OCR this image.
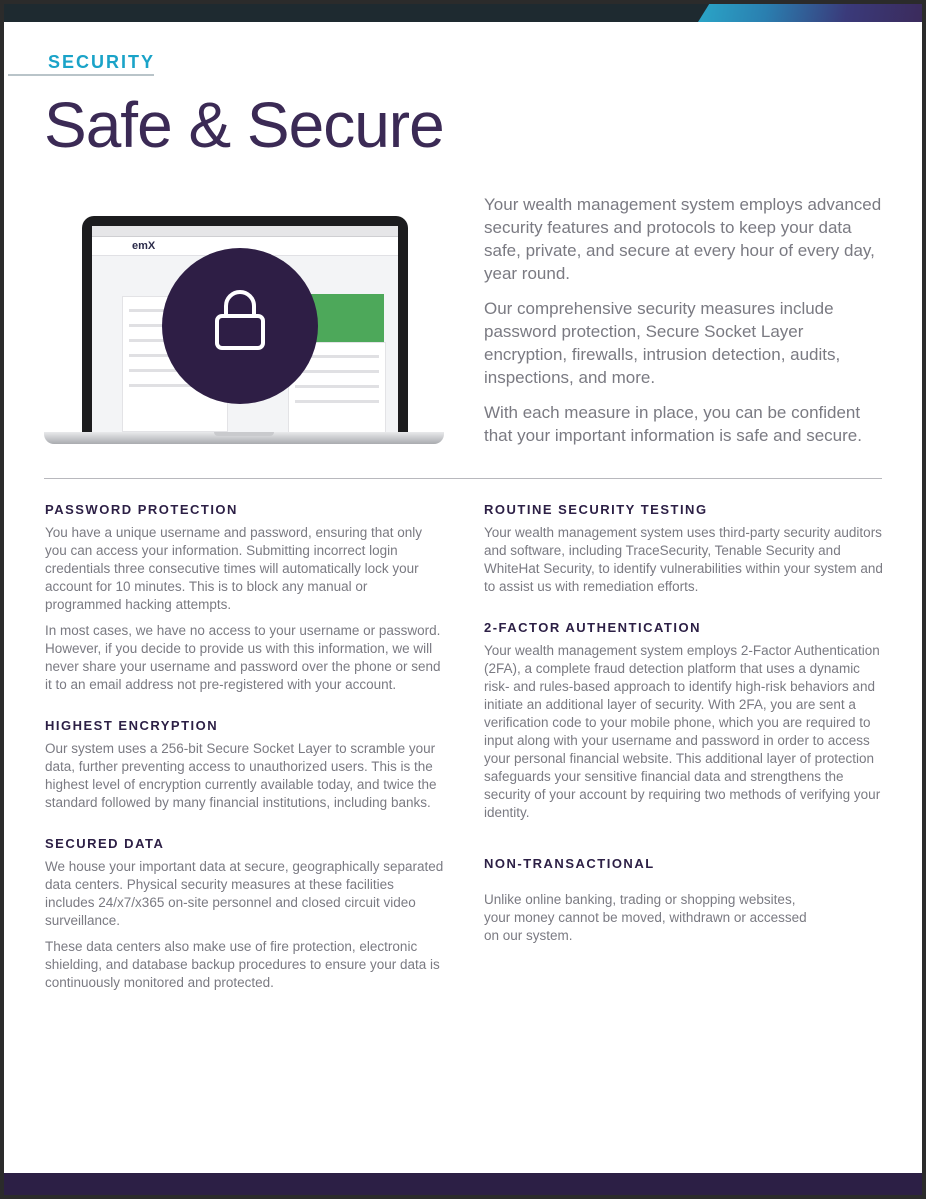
SECURITY
Safe & Secure
emX

Your wealth management system employs advanced security features and protocols to keep your data safe, private, and secure at every hour of every day, year round.

Our comprehensive security measures include password protection, Secure Socket Layer encryption, firewalls, intrusion detection, audits, inspections, and more.

With each measure in place, you can be confident that your important information is safe and secure.

PASSWORD PROTECTION

You have a unique username and password, ensuring that only you can access your information. Submitting incorrect login credentials three consecutive times will automatically lock your account for 10 minutes. This is to block any manual or programmed hacking attempts.

In most cases, we have no access to your username or password. However, if you decide to provide us with this information, we will never share your username and password over the phone or send it to an email address not pre-registered with your account.

HIGHEST ENCRYPTION

Our system uses a 256-bit Secure Socket Layer to scramble your data, further preventing access to unauthorized users. This is the highest level of encryption currently available today, and twice the standard followed by many financial institutions, including banks.

SECURED DATA

We house your important data at secure, geographically separated data centers. Physical security measures at these facilities includes 24/x7/x365 on-site personnel and closed circuit video surveillance.

These data centers also make use of fire protection, electronic shielding, and database backup procedures to ensure your data is continuously monitored and protected.

ROUTINE SECURITY TESTING

Your wealth management system uses third-party security auditors and software, including TraceSecurity, Tenable Security and WhiteHat Security, to identify vulnerabilities within your system and to assist us with remediation efforts.

2-FACTOR AUTHENTICATION

Your wealth management system employs 2-Factor Authentication (2FA), a complete fraud detection platform that uses a dynamic risk- and rules-based approach to identify high-risk behaviors and initiate an additional layer of security. With 2FA, you are sent a verification code to your mobile phone, which you are required to input along with your username and password in order to access your personal financial website. This additional layer of protection safeguards your sensitive financial data and strengthens the security of your account by requiring two methods of verifying your identity.

NON-TRANSACTIONAL

Unlike online banking, trading or shopping websites, your money cannot be moved, withdrawn or accessed on our system.
